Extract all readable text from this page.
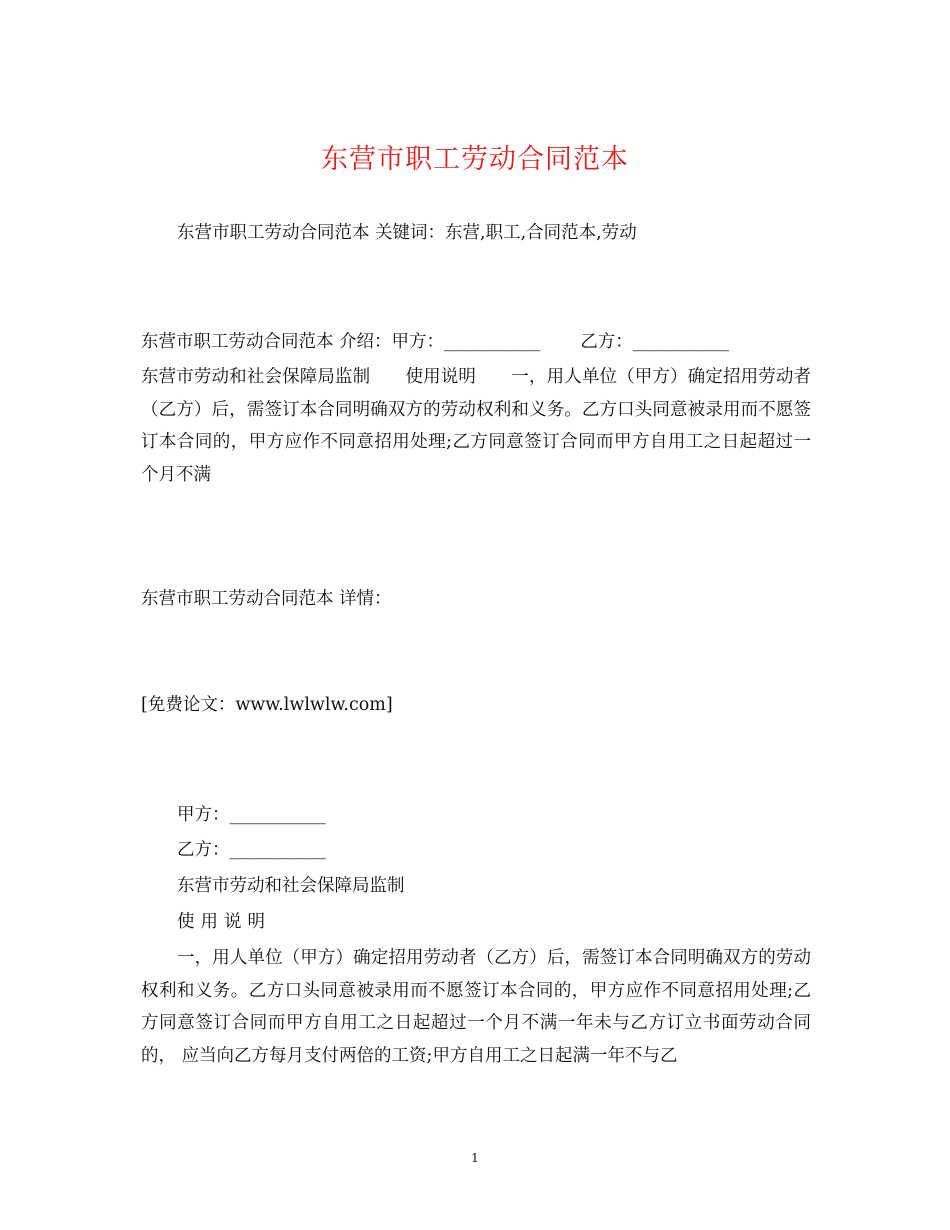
东营市职工劳动合同范本
东营市职工劳动合同范本 关键词：东营,职工,合同范本,劳动
东营市职工劳动合同范本 介绍：甲方：___________ 乙方：___________
东营市劳动和社会保障局监制　　使用说明　　一，用人单位（甲方）确定招用劳动者（乙方）后，需签订本合同明确双方的劳动权利和义务。乙方口头同意被录用而不愿签订本合同的，甲方应作不同意招用处理;乙方同意签订合同而甲方自用工之日起超过一个月不满
东营市职工劳动合同范本 详情：
[免费论文：www.lwlwlw.com]
甲方：___________
乙方：___________
东营市劳动和社会保障局监制
使用说明
一，用人单位（甲方）确定招用劳动者（乙方）后，需签订本合同明确双方的劳动权利和义务。乙方口头同意被录用而不愿签订本合同的，甲方应作不同意招用处理;乙方同意签订合同而甲方自用工之日起超过一个月不满一年未与乙方订立书面劳动合同的， 应当向乙方每月支付两倍的工资;甲方自用工之日起满一年不与乙
1
